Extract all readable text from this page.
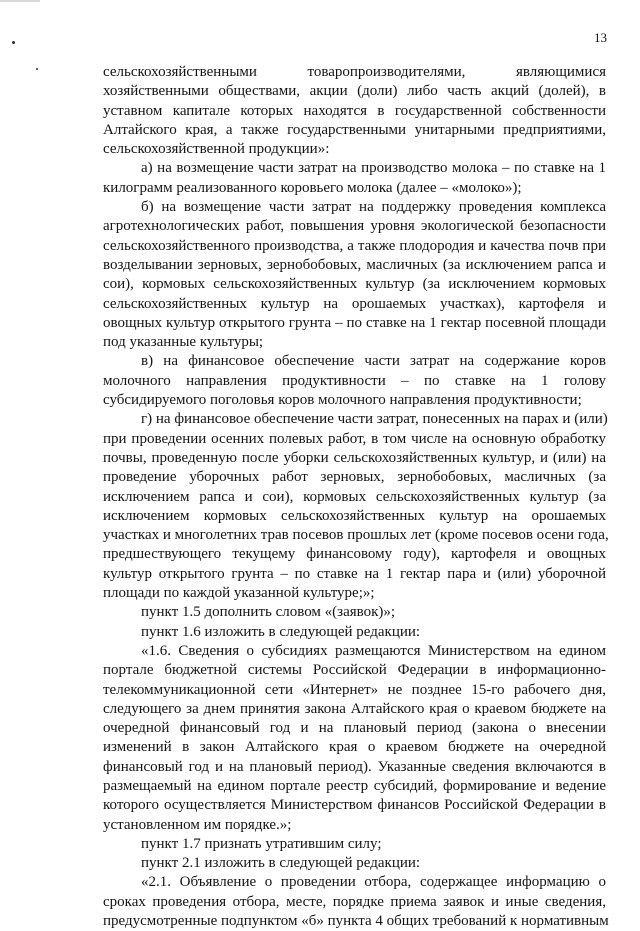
13

сельскохозяйственными товаропроизводителями, являющимися
хозяйственными обществами, акции (доли) либо часть акций (долей), в
уставном капитале которых находятся в государственной собственности
Алтайского края, а также государственными унитарными предприятиями,
сельскохозяйственной продукции»:

а) на возмещение части затрат на производство молока – по ставке на 1
килограмм реализованного коровьего молока (далее – «молоко»);

б) на возмещение части затрат на поддержку проведения комплекса
агротехнологических работ, повышения уровня экологической безопасности
сельскохозяйственного производства, а также плодородия и качества почв при
возделывании зерновых, зернобобовых, масличных (за исключением рапса и
сои), кормовых сельскохозяйственных культур (за исключением кормовых
сельскохозяйственных культур на орошаемых участках), картофеля и
овощных культур открытого грунта – по ставке на 1 гектар посевной площади
под указанные культуры;

в) на финансовое обеспечение части затрат на содержание коров
молочного направления продуктивности – по ставке на 1 голову
субсидируемого поголовья коров молочного направления продуктивности;

г) на финансовое обеспечение части затрат, понесенных на парах и (или)
при проведении осенних полевых работ, в том числе на основную обработку
почвы, проведенную после уборки сельскохозяйственных культур, и (или) на
проведение уборочных работ зерновых, зернобобовых, масличных (за
исключением рапса и сои), кормовых сельскохозяйственных культур (за
исключением кормовых сельскохозяйственных культур на орошаемых
участках и многолетних трав посевов прошлых лет (кроме посевов осени года,
предшествующего текущему финансовому году), картофеля и овощных
культур открытого грунта – по ставке на 1 гектар пара и (или) уборочной
площади по каждой указанной культуре;»;

пункт 1.5 дополнить словом «(заявок)»;

пункт 1.6 изложить в следующей редакции:

«1.6. Сведения о субсидиях размещаются Министерством на едином
портале бюджетной системы Российской Федерации в информационно-
телекоммуникационной сети «Интернет» не позднее 15-го рабочего дня,
следующего за днем принятия закона Алтайского края о краевом бюджете на
очередной финансовый год и на плановый период (закона о внесении
изменений в закон Алтайского края о краевом бюджете на очередной
финансовый год и на плановый период). Указанные сведения включаются в
размещаемый на едином портале реестр субсидий, формирование и ведение
которого осуществляется Министерством финансов Российской Федерации в
установленном им порядке.»;

пункт 1.7 признать утратившим силу;

пункт 2.1 изложить в следующей редакции:

«2.1. Объявление о проведении отбора, содержащее информацию о
сроках проведения отбора, месте, порядке приема заявок и иные сведения,
предусмотренные подпунктом «б» пункта 4 общих требований к нормативным
